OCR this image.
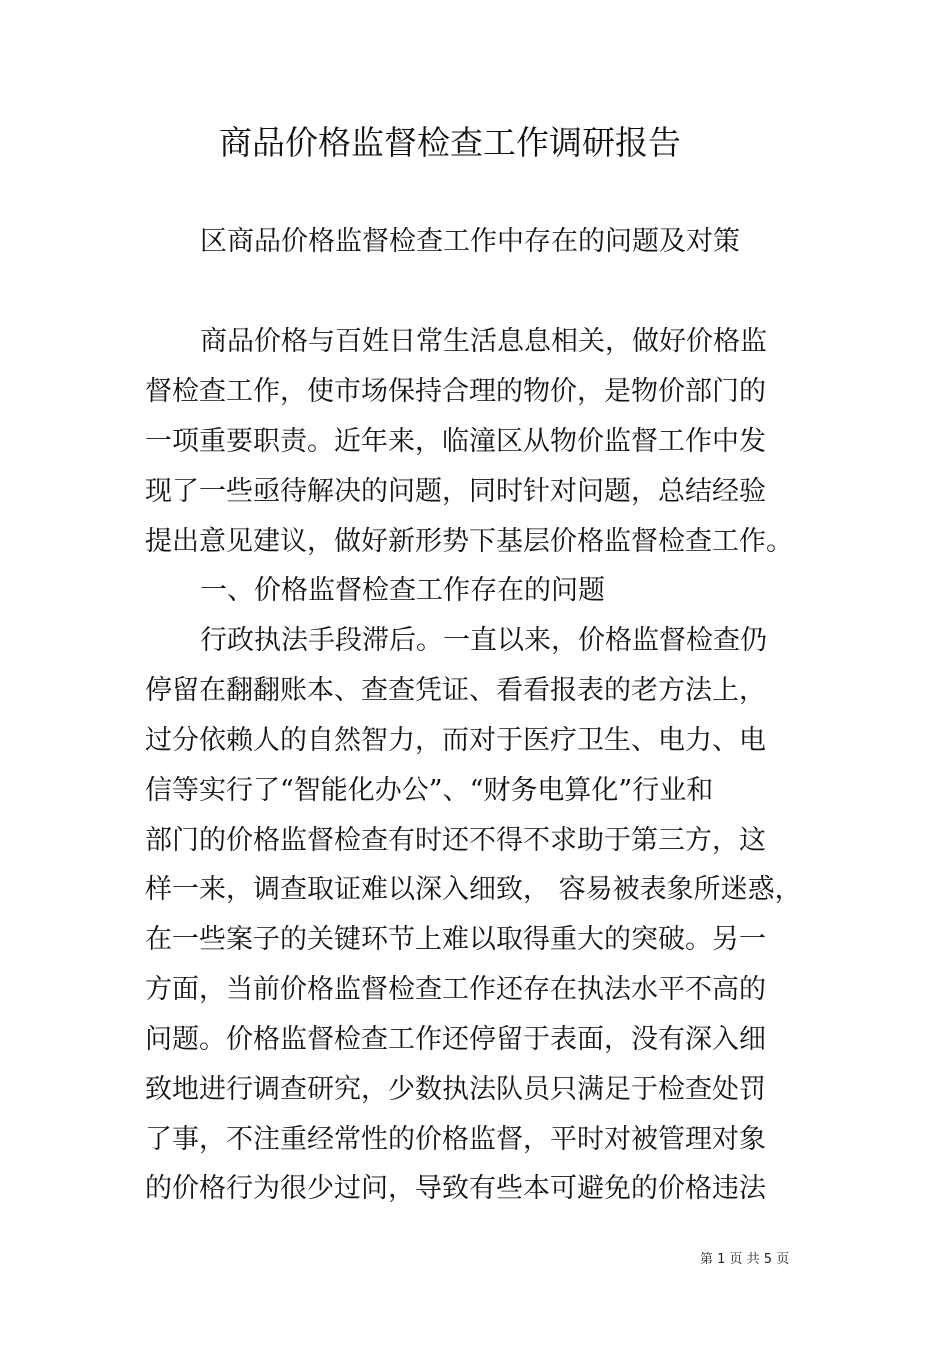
商品价格监督检查工作调研报告
区商品价格监督检查工作中存在的问题及对策
商品价格与百姓日常生活息息相关，做好价格监
督检查工作，使市场保持合理的物价，是物价部门的
一项重要职责。近年来，临潼区从物价监督工作中发
现了一些亟待解决的问题，同时针对问题，总结经验
提出意见建议，做好新形势下基层价格监督检查工作。
一、价格监督检查工作存在的问题
行政执法手段滞后。一直以来，价格监督检查仍
停留在翻翻账本、查查凭证、看看报表的老方法上，
过分依赖人的自然智力，而对于医疗卫生、电力、电
信等实行了“智能化办公”、“财务电算化”行业和
部门的价格监督检查有时还不得不求助于第三方，这
样一来，调查取证难以深入细致， 容易被表象所迷惑，
在一些案子的关键环节上难以取得重大的突破。另一
方面，当前价格监督检查工作还存在执法水平不高的
问题。价格监督检查工作还停留于表面，没有深入细
致地进行调查研究，少数执法队员只满足于检查处罚
了事，不注重经常性的价格监督，平时对被管理对象
的价格行为很少过问，导致有些本可避免的价格违法
第 1 页 共 5 页
